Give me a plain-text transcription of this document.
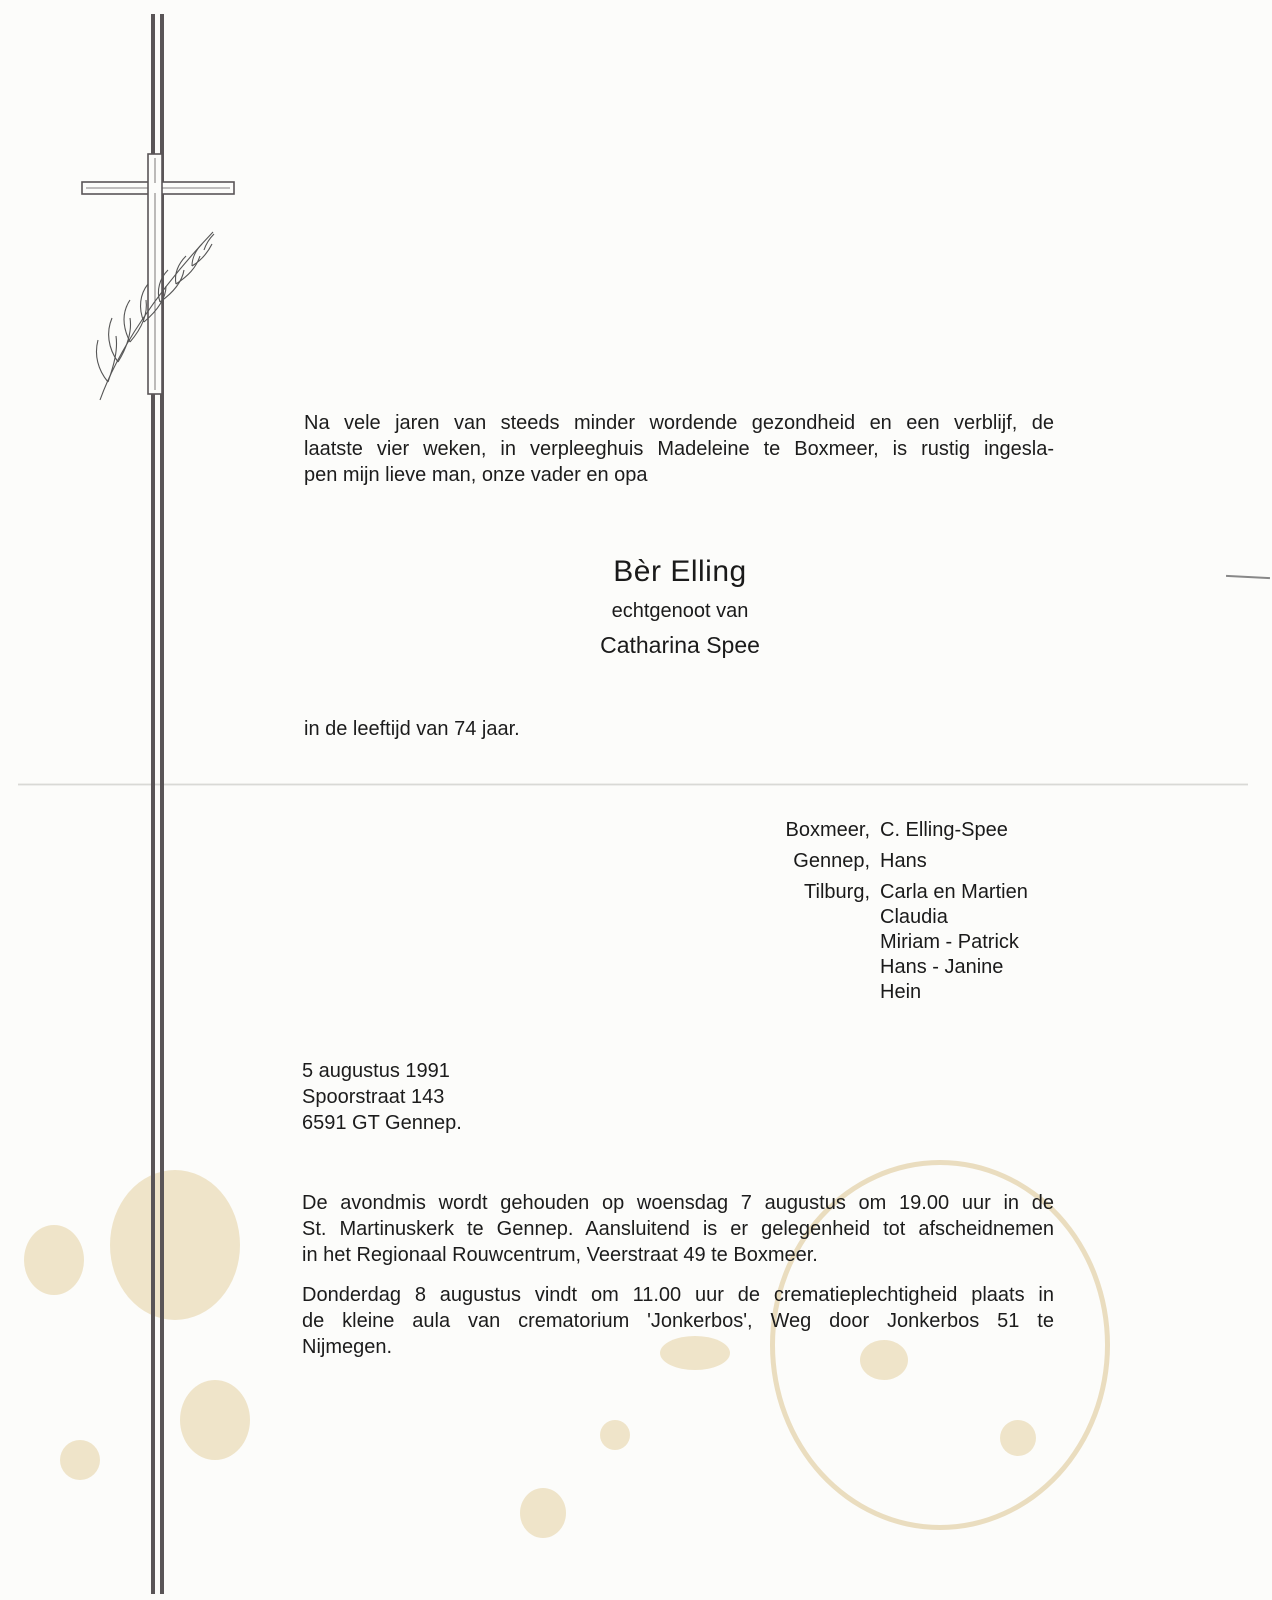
Na vele jaren van steeds minder wordende gezondheid en een verblijf, de
laatste vier weken, in verpleeghuis Madeleine te Boxmeer, is rustig ingesla-
pen mijn lieve man, onze vader en opa
Bèr Elling
echtgenoot van
Catharina Spee
in de leeftijd van 74 jaar.
Boxmeer, C. Elling-Spee
Gennep, Hans
Tilburg, Carla en Martien
Claudia
Miriam - Patrick
Hans - Janine
Hein
5 augustus 1991
Spoorstraat 143
6591 GT Gennep.
De avondmis wordt gehouden op woensdag 7 augustus om 19.00 uur in de
St. Martinuskerk te Gennep. Aansluitend is er gelegenheid tot afscheidnemen
in het Regionaal Rouwcentrum, Veerstraat 49 te Boxmeer.
Donderdag 8 augustus vindt om 11.00 uur de crematieplechtigheid plaats in
de kleine aula van crematorium 'Jonkerbos', Weg door Jonkerbos 51 te
Nijmegen.
